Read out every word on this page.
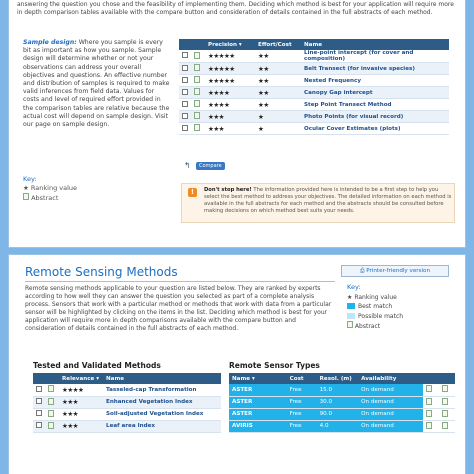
answering the question you chose and the feasibility of implementing them. Deciding which method is best for your application will require more in depth comparison tables available with the compare button and consideration of details contained in the full abstracts of each method.

Sample design: Where you sample is every bit as important as how you sample. Sample design will determine whether or not your observations can address your overall objectives and questions. An effective number and distribution of samples is required to make valid inferences from field data. Values for costs and level of required effort provided in the comparison tables are relative because the actual cost will depend on sample design. Visit our page on sample design.
Key:
★ Ranking value
Abstract
		Precision ▾	Effort/Cost	Name
		★★★★★	★★	Line-point intercept (for cover and composition)
		★★★★★	★★	Belt Transect (for invasive species)
		★★★★★	★★	Nested Frequency
		★★★★	★★	Canopy Gap intercept
		★★★★	★★	Step Point Transect Method
		★★★	★	Photo Points (for visual record)
		★★★	★	Ocular Cover Estimates (plots)
↰	Compare
!	Don't stop here! The information provided here is intended to be a first step to help you select the best method to address your objectives. The detailed information on each method is available in the full abstracts for each method and the abstracts should be consulted before making decisions on which method best suits your needs.

Remote Sensing Methods	⎙ Printer-friendly version

Remote sensing methods applicable to your question are listed below. They are ranked by experts according to how well they can answer the question you selected as part of a complete analysis process. Sensors that work with a particular method or methods that work with data from a particular sensor will be highlighted by clicking on the items in the list. Deciding which method is best for your application will require more in depth comparisons available with the compare button and consideration of details contained in the full abstracts of each method.

Key:
★ Ranking value
Best match
Possible match
Abstract
Tested and Validated Methods	Remote Sensor Types
		Relevance ▾	Name
		★★★★	Tasseled-cap Transformation
		★★★	Enhanced Vegetation Index
		★★★	Soil-adjusted Vegetation Index
		★★★	Leaf area Index
Name ▾	Cost	Resol. (m)	Availability		
ASTER	Free	15.0	On demand		
ASTER	Free	30.0	On demand		
ASTER	Free	90.0	On demand		
AVIRIS	Free	4.0	On demand		
